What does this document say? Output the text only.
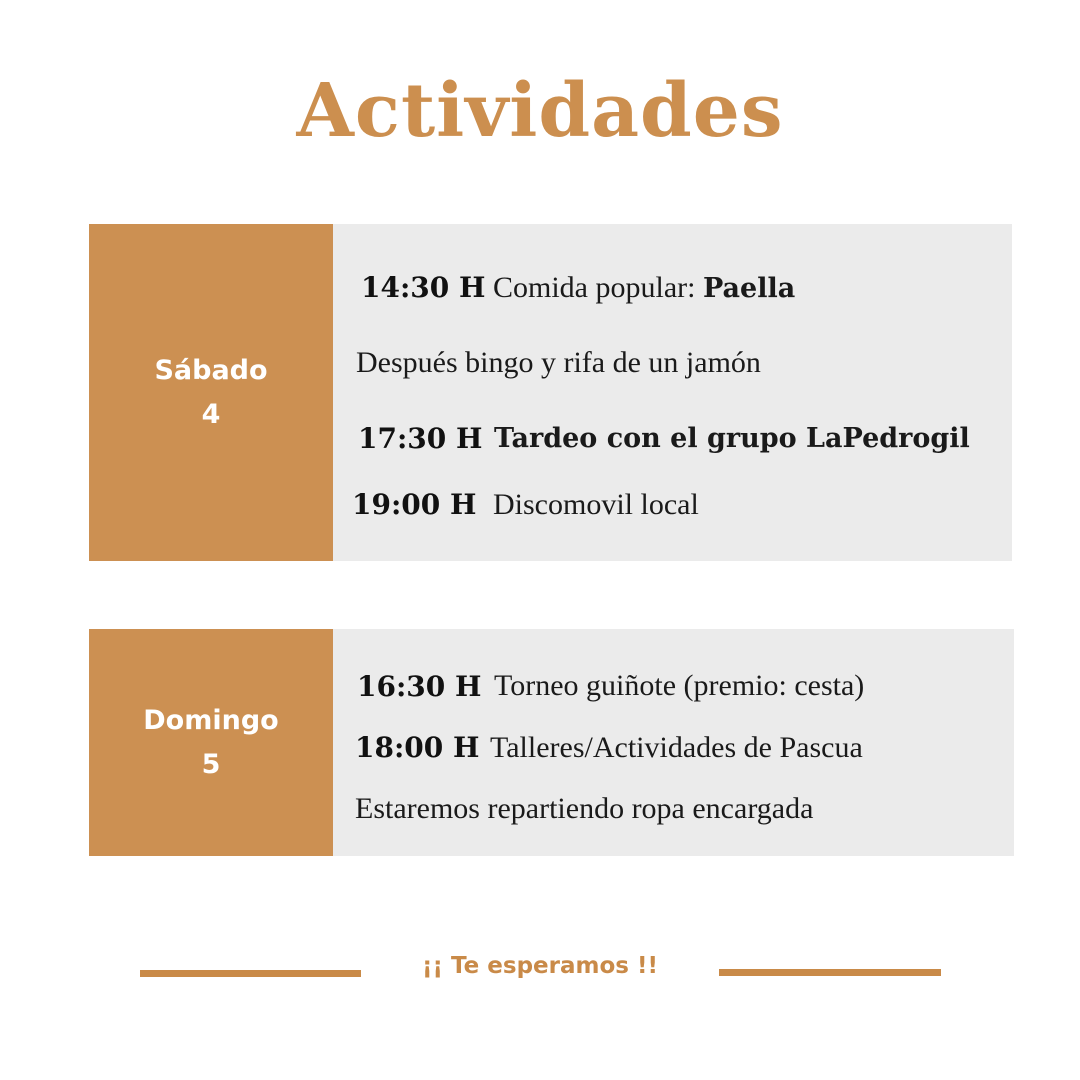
Actividades
Sábado
4
14:30 H Comida popular: Paella
Después bingo y rifa de un jamón
17:30 H Tardeo con el grupo LaPedrogil
19:00 H Discomovil local
Domingo
5
16:30 H Torneo guiñote (premio: cesta)
18:00 H Talleres/Actividades de Pascua
Estaremos repartiendo ropa encargada
¡¡ Te esperamos !!
